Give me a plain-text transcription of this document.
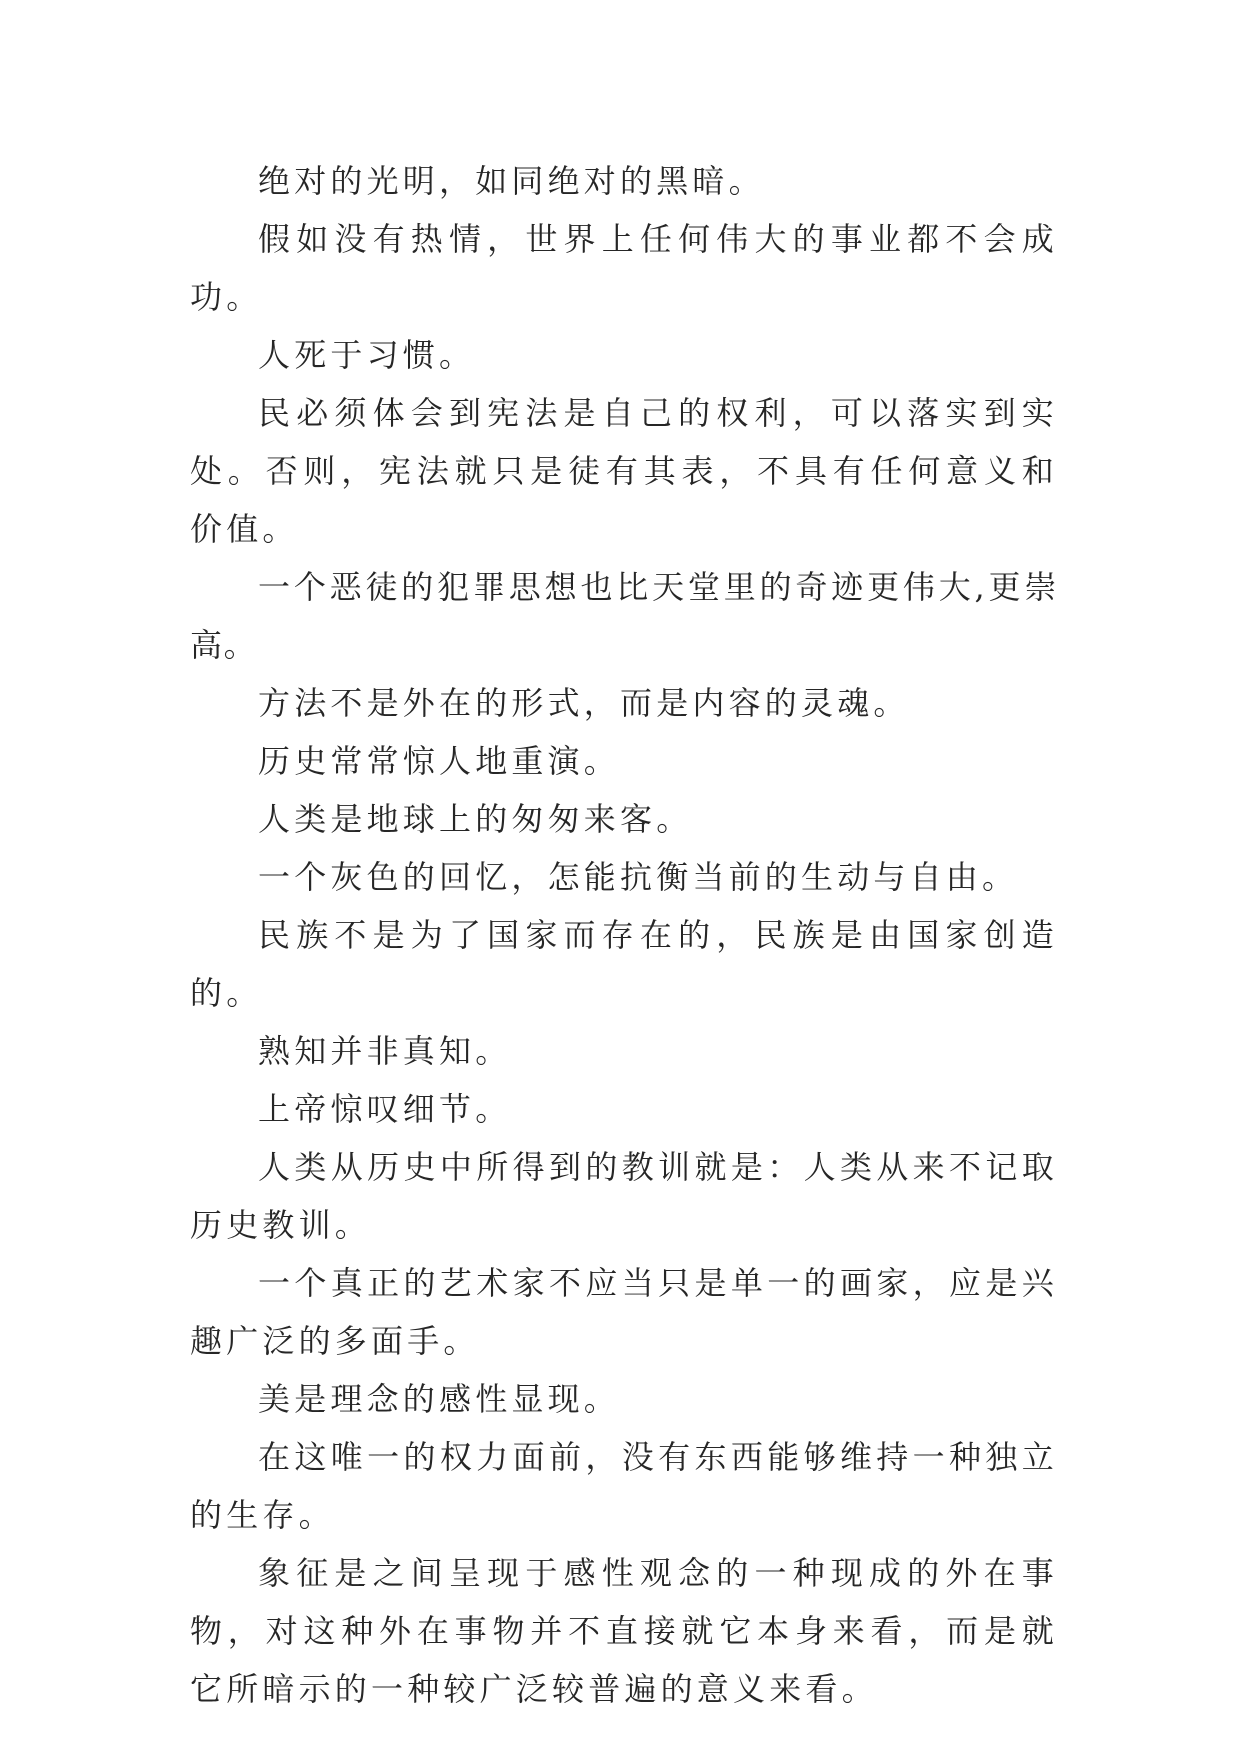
绝对的光明，如同绝对的黑暗。

假如没有热情，世界上任何伟大的事业都不会成功。

人死于习惯。

民必须体会到宪法是自己的权利，可以落实到实处。否则，宪法就只是徒有其表，不具有任何意义和价值。

一个恶徒的犯罪思想也比天堂里的奇迹更伟大,更崇高。

方法不是外在的形式，而是内容的灵魂。

历史常常惊人地重演。

人类是地球上的匆匆来客。

一个灰色的回忆，怎能抗衡当前的生动与自由。

民族不是为了国家而存在的，民族是由国家创造的。

熟知并非真知。

上帝惊叹细节。

人类从历史中所得到的教训就是：人类从来不记取历史教训。

一个真正的艺术家不应当只是单一的画家，应是兴趣广泛的多面手。

美是理念的感性显现。

在这唯一的权力面前，没有东西能够维持一种独立的生存。

象征是之间呈现于感性观念的一种现成的外在事物，对这种外在事物并不直接就它本身来看，而是就它所暗示的一种较广泛较普遍的意义来看。
